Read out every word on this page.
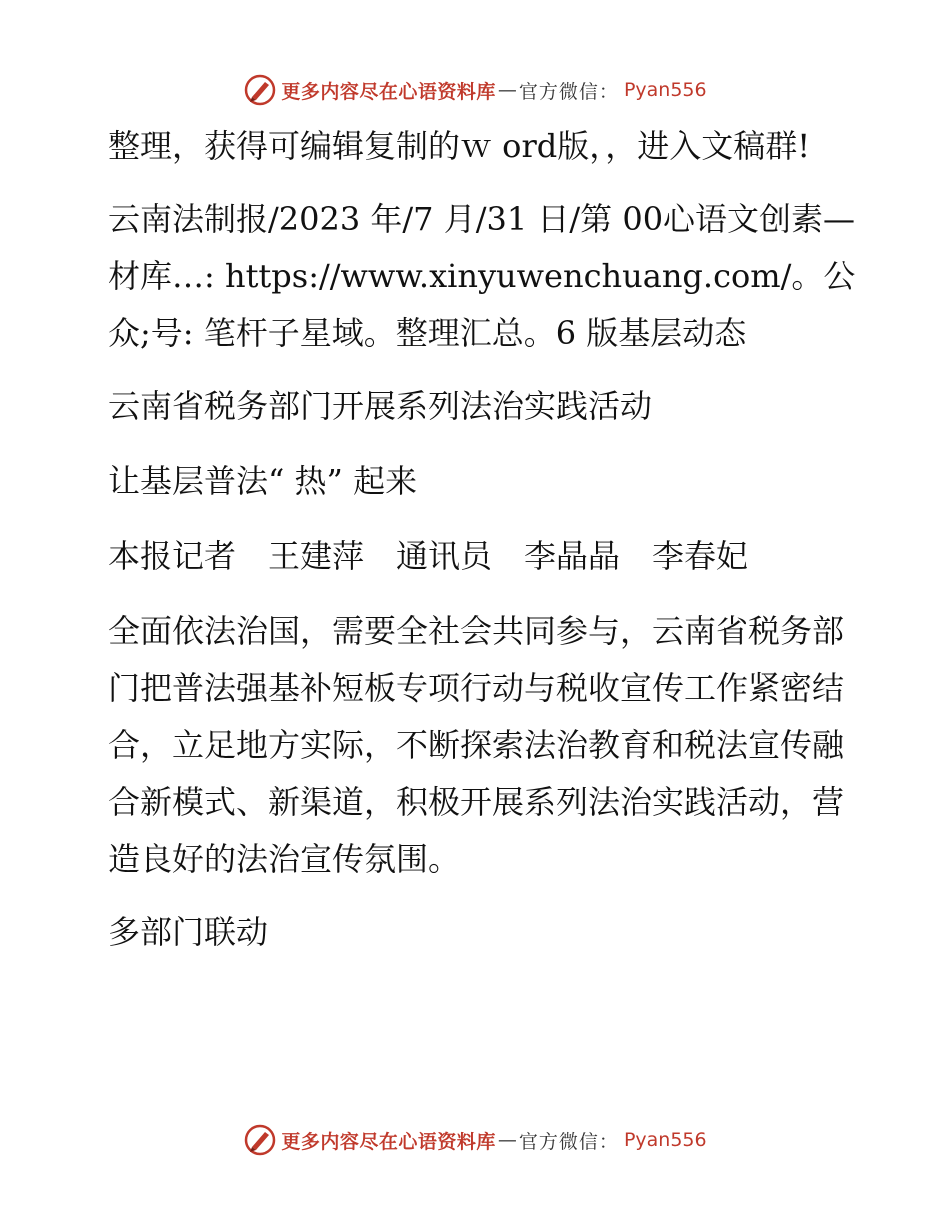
更多内容尽在心语资料库 — 官方微信 ： Pyan556

整理，获得可编辑复制的ｗ ord版，，进入文稿群!

云南法制报/2023 年/7 月/31 日/第 00心语文创素—材库…: https://www.xinyuwenchuang.com/。公众;号: 笔杆子星域。整理汇总。6 版基层动态

云南省税务部门开展系列法治实践活动

让基层普法“ 热” 起来

本报记者　王建萍　通讯员　李晶晶　李春妃

全面依法治国，需要全社会共同参与，云南省税务部门把普法强基补短板专项行动与税收宣传工作紧密结合，立足地方实际，不断探索法治教育和税法宣传融合新模式、新渠道，积极开展系列法治实践活动，营造良好的法治宣传氛围。

多部门联动

更多内容尽在心语资料库 — 官方微信 ： Pyan556
